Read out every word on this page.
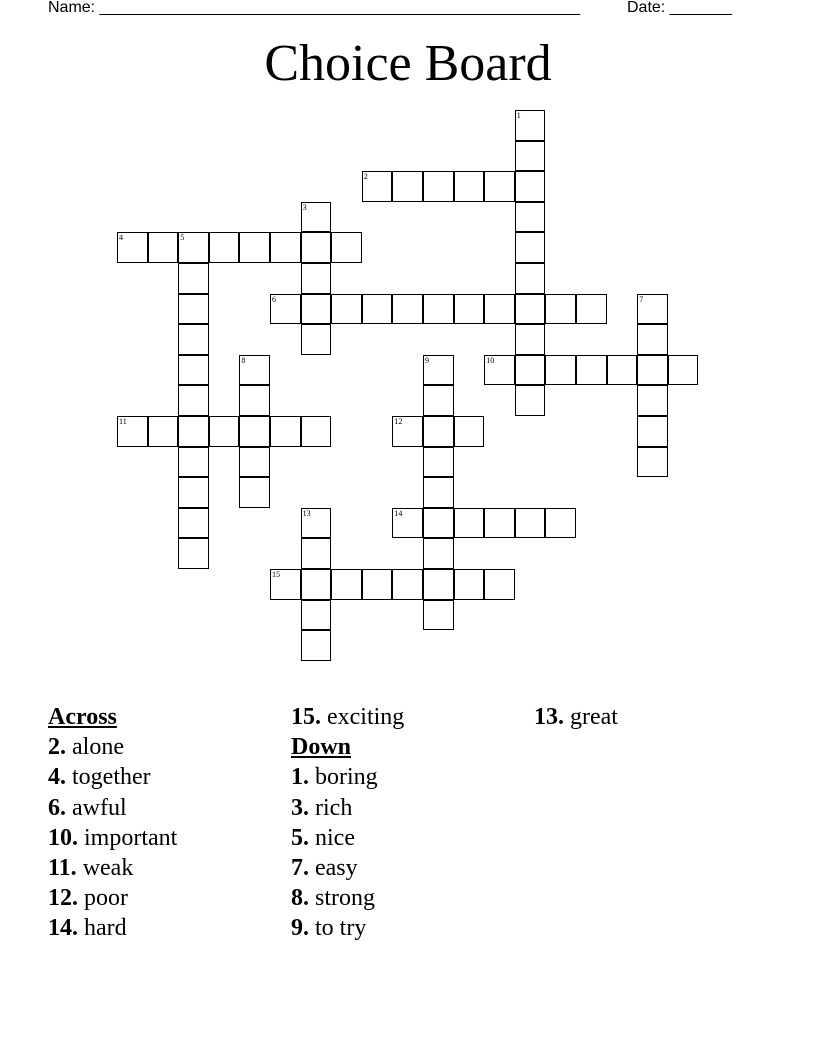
Name: ______________________________________________________	Date: _______
Choice Board
1
2
3
4	5
6	7
8	9	10
11	12
13	14
15
Across
2. alone
4. together
6. awful
10. important
11. weak
12. poor
14. hard
15. exciting
Down
1. boring
3. rich
5. nice
7. easy
8. strong
9. to try
13. great
